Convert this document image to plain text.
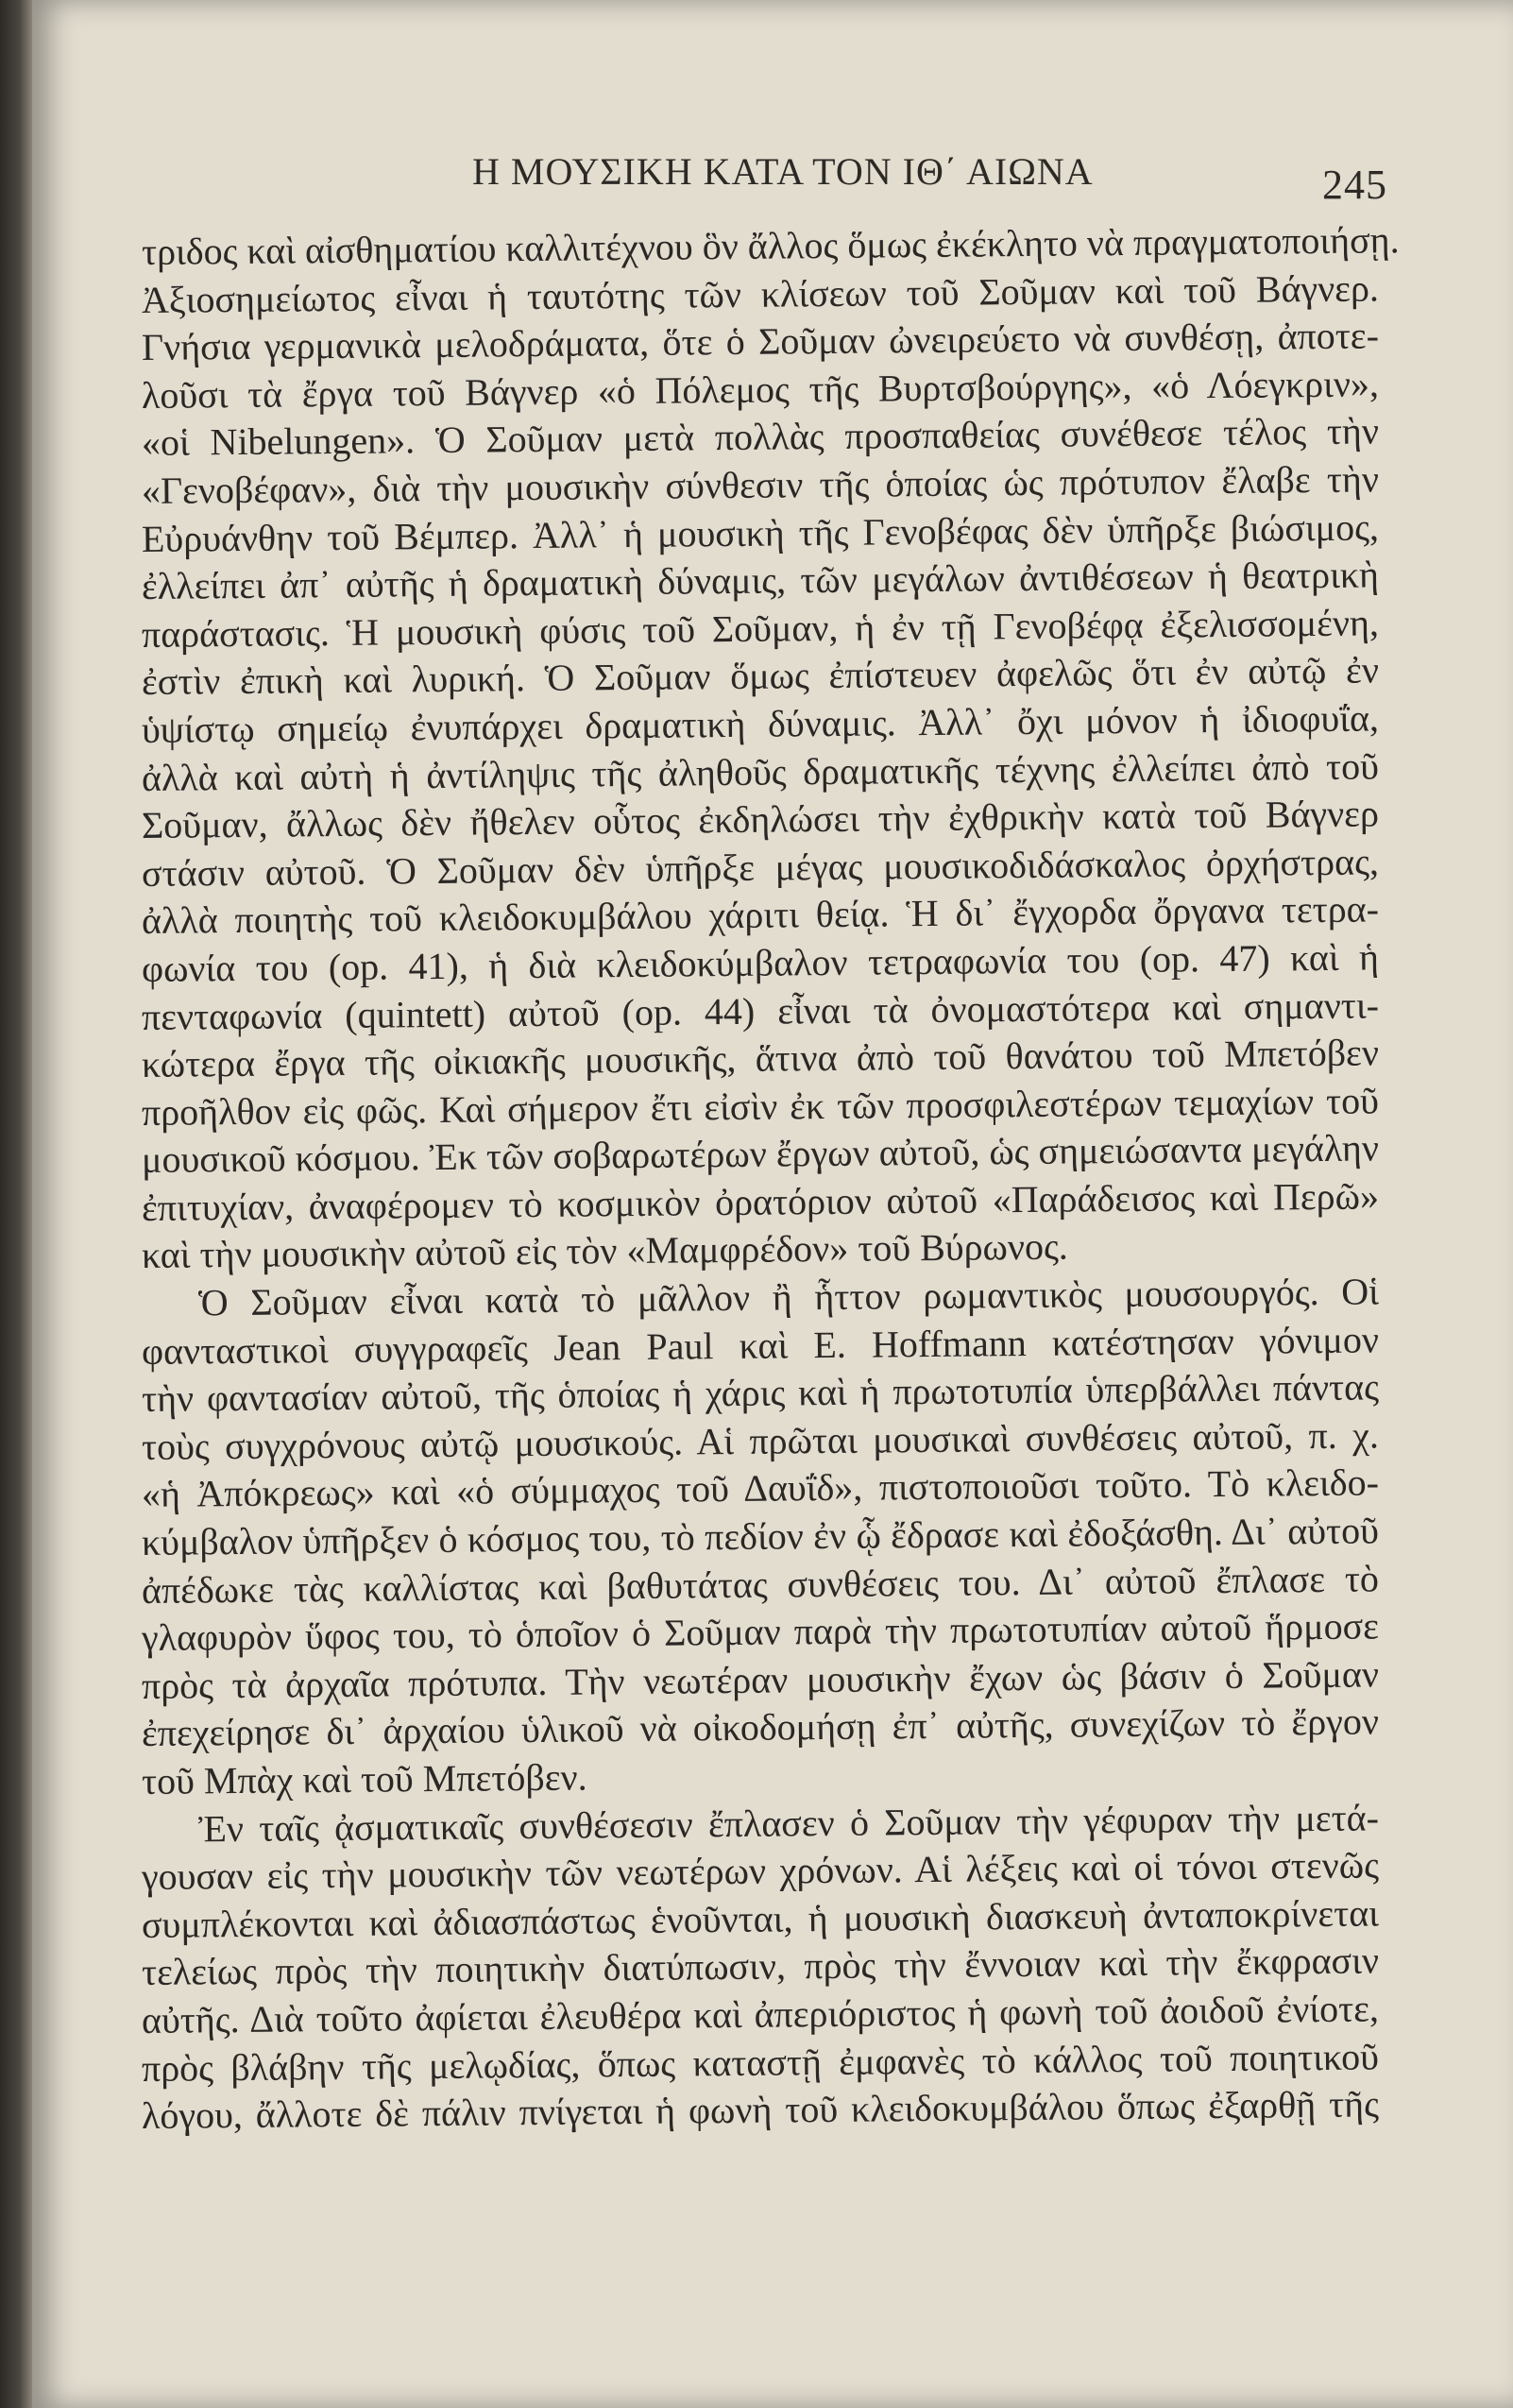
Η ΜΟΥΣΙΚΗ ΚΑΤΑ ΤΟΝ ΙΘ΄ ΑΙΩΝΑ	245
τριδος καὶ αἰσθηματίου καλλιτέχνου ὃν ἄλλος ὅμως ἐκέκλητο νὰ πραγματοποιήσῃ.
Ἀξιοσημείωτος εἶναι ἡ ταυτότης τῶν κλίσεων τοῦ Σοῦμαν καὶ τοῦ Βάγνερ.
Γνήσια γερμανικὰ μελοδράματα, ὅτε ὁ Σοῦμαν ὠνειρεύετο νὰ συνθέσῃ, ἀποτε-
λοῦσι τὰ ἔργα τοῦ Βάγνερ «ὁ Πόλεμος τῆς Βυρτσβούργης», «ὁ Λόεγκριν»,
«οἱ Nibelungen». Ὁ Σοῦμαν μετὰ πολλὰς προσπαθείας συνέθεσε τέλος τὴν
«Γενοβέφαν», διὰ τὴν μουσικὴν σύνθεσιν τῆς ὁποίας ὡς πρότυπον ἔλαβε τὴν
Εὐρυάνθην τοῦ Βέμπερ. Ἀλλ᾽ ἡ μουσικὴ τῆς Γενοβέφας δὲν ὑπῆρξε βιώσιμος,
ἐλλείπει ἀπ᾽ αὐτῆς ἡ δραματικὴ δύναμις, τῶν μεγάλων ἀντιθέσεων ἡ θεατρικὴ
παράστασις. Ἡ μουσικὴ φύσις τοῦ Σοῦμαν, ἡ ἐν τῇ Γενοβέφᾳ ἐξελισσομένη,
ἐστὶν ἐπικὴ καὶ λυρική. Ὁ Σοῦμαν ὅμως ἐπίστευεν ἀφελῶς ὅτι ἐν αὐτῷ ἐν
ὑψίστῳ σημείῳ ἐνυπάρχει δραματικὴ δύναμις. Ἀλλ᾽ ὄχι μόνον ἡ ἰδιοφυΐα,
ἀλλὰ καὶ αὐτὴ ἡ ἀντίληψις τῆς ἀληθοῦς δραματικῆς τέχνης ἐλλείπει ἀπὸ τοῦ
Σοῦμαν, ἄλλως δὲν ἤθελεν οὗτος ἐκδηλώσει τὴν ἐχθρικὴν κατὰ τοῦ Βάγνερ
στάσιν αὐτοῦ. Ὁ Σοῦμαν δὲν ὑπῆρξε μέγας μουσικοδιδάσκαλος ὀρχήστρας,
ἀλλὰ ποιητὴς τοῦ κλειδοκυμβάλου χάριτι θείᾳ. Ἡ δι᾽ ἔγχορδα ὄργανα τετρα-
φωνία του (op. 41), ἡ διὰ κλειδοκύμβαλον τετραφωνία του (op. 47) καὶ ἡ
πενταφωνία (quintett) αὐτοῦ (op. 44) εἶναι τὰ ὀνομαστότερα καὶ σημαντι-
κώτερα ἔργα τῆς οἰκιακῆς μουσικῆς, ἅτινα ἀπὸ τοῦ θανάτου τοῦ Μπετόβεν
προῆλθον εἰς φῶς. Καὶ σήμερον ἔτι εἰσὶν ἐκ τῶν προσφιλεστέρων τεμαχίων τοῦ
μουσικοῦ κόσμου. Ἐκ τῶν σοβαρωτέρων ἔργων αὐτοῦ, ὡς σημειώσαντα μεγάλην
ἐπιτυχίαν, ἀναφέρομεν τὸ κοσμικὸν ὀρατόριον αὐτοῦ «Παράδεισος καὶ Περῶ»
καὶ τὴν μουσικὴν αὐτοῦ εἰς τὸν «Μαμφρέδον» τοῦ Βύρωνος.
Ὁ Σοῦμαν εἶναι κατὰ τὸ μᾶλλον ἢ ἧττον ρωμαντικὸς μουσουργός. Οἱ
φανταστικοὶ συγγραφεῖς Jean Paul καὶ E. Hoffmann κατέστησαν γόνιμον
τὴν φαντασίαν αὐτοῦ, τῆς ὁποίας ἡ χάρις καὶ ἡ πρωτοτυπία ὑπερβάλλει πάντας
τοὺς συγχρόνους αὐτῷ μουσικούς. Αἱ πρῶται μουσικαὶ συνθέσεις αὐτοῦ, π. χ.
«ἡ Ἀπόκρεως» καὶ «ὁ σύμμαχος τοῦ Δαυΐδ», πιστοποιοῦσι τοῦτο. Τὸ κλειδο-
κύμβαλον ὑπῆρξεν ὁ κόσμος του, τὸ πεδίον ἐν ᾧ ἔδρασε καὶ ἐδοξάσθη. Δι᾽ αὐτοῦ
ἀπέδωκε τὰς καλλίστας καὶ βαθυτάτας συνθέσεις του. Δι᾽ αὐτοῦ ἔπλασε τὸ
γλαφυρὸν ὕφος του, τὸ ὁποῖον ὁ Σοῦμαν παρὰ τὴν πρωτοτυπίαν αὐτοῦ ἥρμοσε
πρὸς τὰ ἀρχαῖα πρότυπα. Τὴν νεωτέραν μουσικὴν ἔχων ὡς βάσιν ὁ Σοῦμαν
ἐπεχείρησε δι᾽ ἀρχαίου ὑλικοῦ νὰ οἰκοδομήσῃ ἐπ᾽ αὐτῆς, συνεχίζων τὸ ἔργον
τοῦ Μπὰχ καὶ τοῦ Μπετόβεν.
Ἐν ταῖς ᾀσματικαῖς συνθέσεσιν ἔπλασεν ὁ Σοῦμαν τὴν γέφυραν τὴν μετά-
γουσαν εἰς τὴν μουσικὴν τῶν νεωτέρων χρόνων. Αἱ λέξεις καὶ οἱ τόνοι στενῶς
συμπλέκονται καὶ ἀδιασπάστως ἑνοῦνται, ἡ μουσικὴ διασκευὴ ἀνταποκρίνεται
τελείως πρὸς τὴν ποιητικὴν διατύπωσιν, πρὸς τὴν ἔννοιαν καὶ τὴν ἔκφρασιν
αὐτῆς. Διὰ τοῦτο ἀφίεται ἐλευθέρα καὶ ἀπεριόριστος ἡ φωνὴ τοῦ ἀοιδοῦ ἐνίοτε,
πρὸς βλάβην τῆς μελῳδίας, ὅπως καταστῇ ἐμφανὲς τὸ κάλλος τοῦ ποιητικοῦ
λόγου, ἄλλοτε δὲ πάλιν πνίγεται ἡ φωνὴ τοῦ κλειδοκυμβάλου ὅπως ἐξαρθῇ τῆς
